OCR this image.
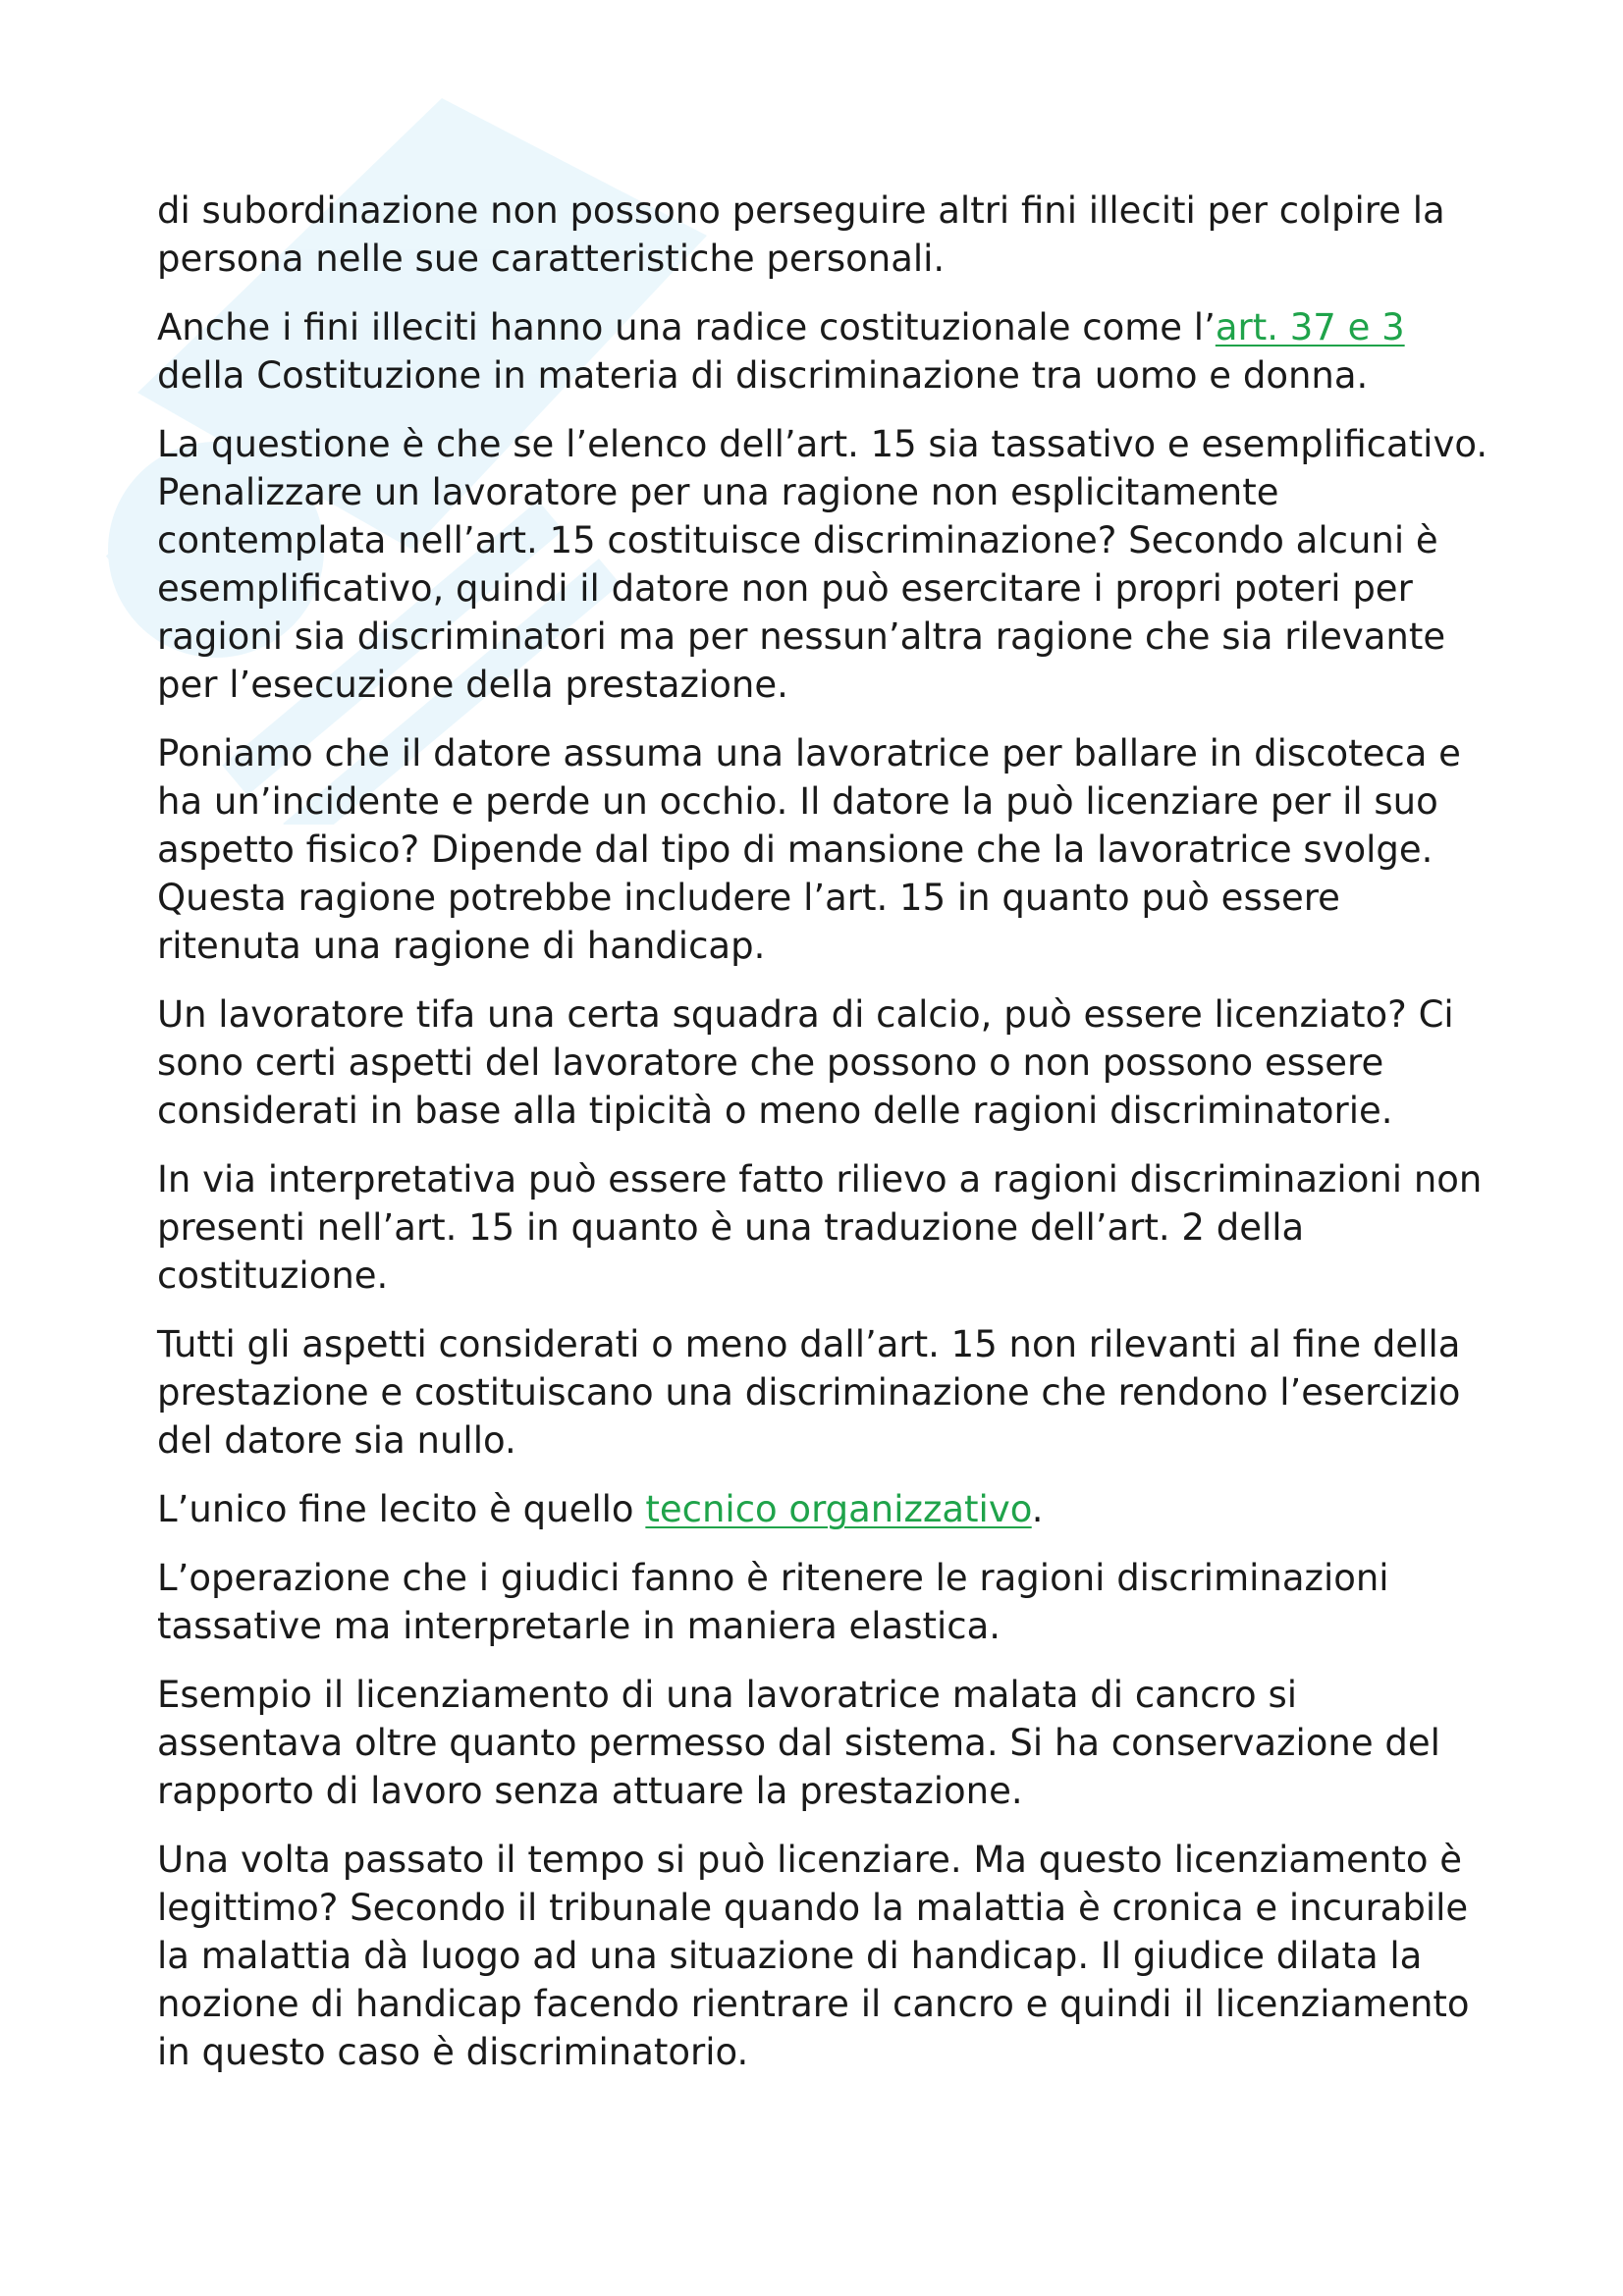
di subordinazione non possono perseguire altri fini illeciti per colpire la persona nelle sue caratteristiche personali.

Anche i fini illeciti hanno una radice costituzionale come l’art. 37 e 3 della Costituzione in materia di discriminazione tra uomo e donna.

La questione è che se l’elenco dell’art. 15 sia tassativo e esemplificativo. Penalizzare un lavoratore per una ragione non esplicitamente contemplata nell’art. 15 costituisce discriminazione? Secondo alcuni è esemplificativo, quindi il datore non può esercitare i propri poteri per ragioni sia discriminatori ma per nessun’altra ragione che sia rilevante per l’esecuzione della prestazione.

Poniamo che il datore assuma una lavoratrice per ballare in discoteca e ha un’incidente e perde un occhio. Il datore la può licenziare per il suo aspetto fisico? Dipende dal tipo di mansione che la lavoratrice svolge. Questa ragione potrebbe includere l’art. 15 in quanto può essere ritenuta una ragione di handicap.

Un lavoratore tifa una certa squadra di calcio, può essere licenziato? Ci sono certi aspetti del lavoratore che possono o non possono essere considerati in base alla tipicità o meno delle ragioni discriminatorie.

In via interpretativa può essere fatto rilievo a ragioni discriminazioni non presenti nell’art. 15 in quanto è una traduzione dell’art. 2 della costituzione.

Tutti gli aspetti considerati o meno dall’art. 15 non rilevanti al fine della prestazione e costituiscano una discriminazione che rendono l’esercizio del datore sia nullo.

L’unico fine lecito è quello tecnico organizzativo.

L’operazione che i giudici fanno è ritenere le ragioni discriminazioni tassative ma interpretarle in maniera elastica.

Esempio il licenziamento di una lavoratrice malata di cancro si assentava oltre quanto permesso dal sistema. Si ha conservazione del rapporto di lavoro senza attuare la prestazione.

Una volta passato il tempo si può licenziare. Ma questo licenziamento è legittimo? Secondo il tribunale quando la malattia è cronica e incurabile la malattia dà luogo ad una situazione di handicap. Il giudice dilata la nozione di handicap facendo rientrare il cancro e quindi il licenziamento in questo caso è discriminatorio.
